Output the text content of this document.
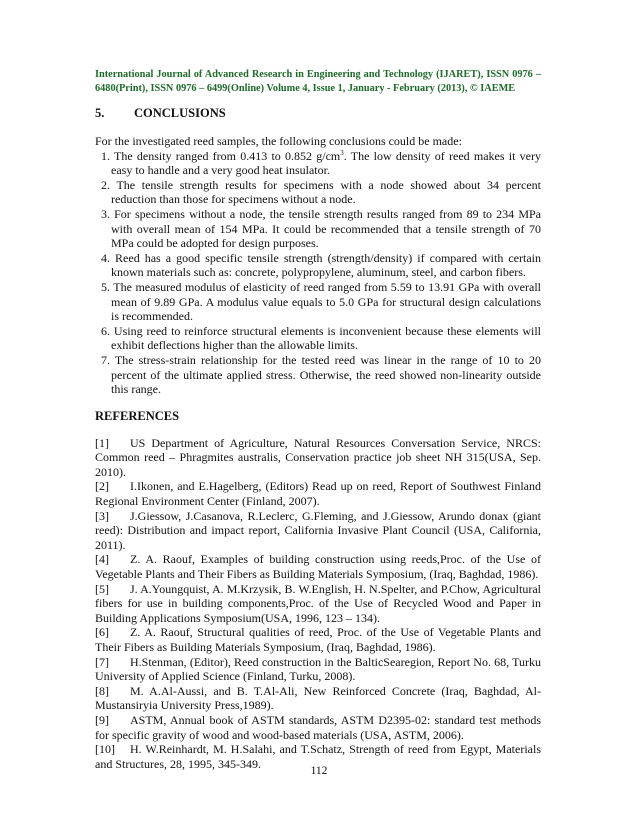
International Journal of Advanced Research in Engineering and Technology (IJARET), ISSN 0976 – 6480(Print), ISSN 0976 – 6499(Online) Volume 4, Issue 1, January - February (2013), © IAEME
5. CONCLUSIONS
For the investigated reed samples, the following conclusions could be made:
1. The density ranged from 0.413 to 0.852 $g/cm^3$. The low density of reed makes it very easy to handle and a very good heat insulator.
2. The tensile strength results for specimens with a node showed about 34 percent reduction than those for specimens without a node.
3. For specimens without a node, the tensile strength results ranged from 89 to 234 MPa with overall mean of 154 MPa. It could be recommended that a tensile strength of 70 MPa could be adopted for design purposes.
4. Reed has a good specific tensile strength (strength/density) if compared with certain known materials such as: concrete, polypropylene, aluminum, steel, and carbon fibers.
5. The measured modulus of elasticity of reed ranged from 5.59 to 13.91 GPa with overall mean of 9.89 GPa. A modulus value equals to 5.0 GPa for structural design calculations is recommended.
6. Using reed to reinforce structural elements is inconvenient because these elements will exhibit deflections higher than the allowable limits.
7. The stress-strain relationship for the tested reed was linear in the range of 10 to 20 percent of the ultimate applied stress. Otherwise, the reed showed non-linearity outside this range.
REFERENCES
[1] US Department of Agriculture, Natural Resources Conversation Service, NRCS: Common reed – Phragmites australis, Conservation practice job sheet NH 315(USA, Sep. 2010).
[2] I.Ikonen, and E.Hagelberg, (Editors) Read up on reed, Report of Southwest Finland Regional Environment Center (Finland, 2007).
[3] J.Giessow, J.Casanova, R.Leclerc, G.Fleming, and J.Giessow, Arundo donax (giant reed): Distribution and impact report, California Invasive Plant Council (USA, California, 2011).
[4] Z. A. Raouf, Examples of building construction using reeds,Proc. of the Use of Vegetable Plants and Their Fibers as Building Materials Symposium, (Iraq, Baghdad, 1986).
[5] J. A.Youngquist, A. M.Krzysik, B. W.English, H. N.Spelter, and P.Chow, Agricultural fibers for use in building components,Proc. of the Use of Recycled Wood and Paper in Building Applications Symposium(USA, 1996, 123 – 134).
[6] Z. A. Raouf, Structural qualities of reed, Proc. of the Use of Vegetable Plants and Their Fibers as Building Materials Symposium, (Iraq, Baghdad, 1986).
[7] H.Stenman, (Editor), Reed construction in the BalticSearegion, Report No. 68, Turku University of Applied Science (Finland, Turku, 2008).
[8] M. A.Al-Aussi, and B. T.Al-Ali, New Reinforced Concrete (Iraq, Baghdad, Al-Mustansiryia University Press,1989).
[9] ASTM, Annual book of ASTM standards, ASTM D2395-02: standard test methods for specific gravity of wood and wood-based materials (USA, ASTM, 2006).
[10] H. W.Reinhardt, M. H.Salahi, and T.Schatz, Strength of reed from Egypt, Materials and Structures, 28, 1995, 345-349.
112
